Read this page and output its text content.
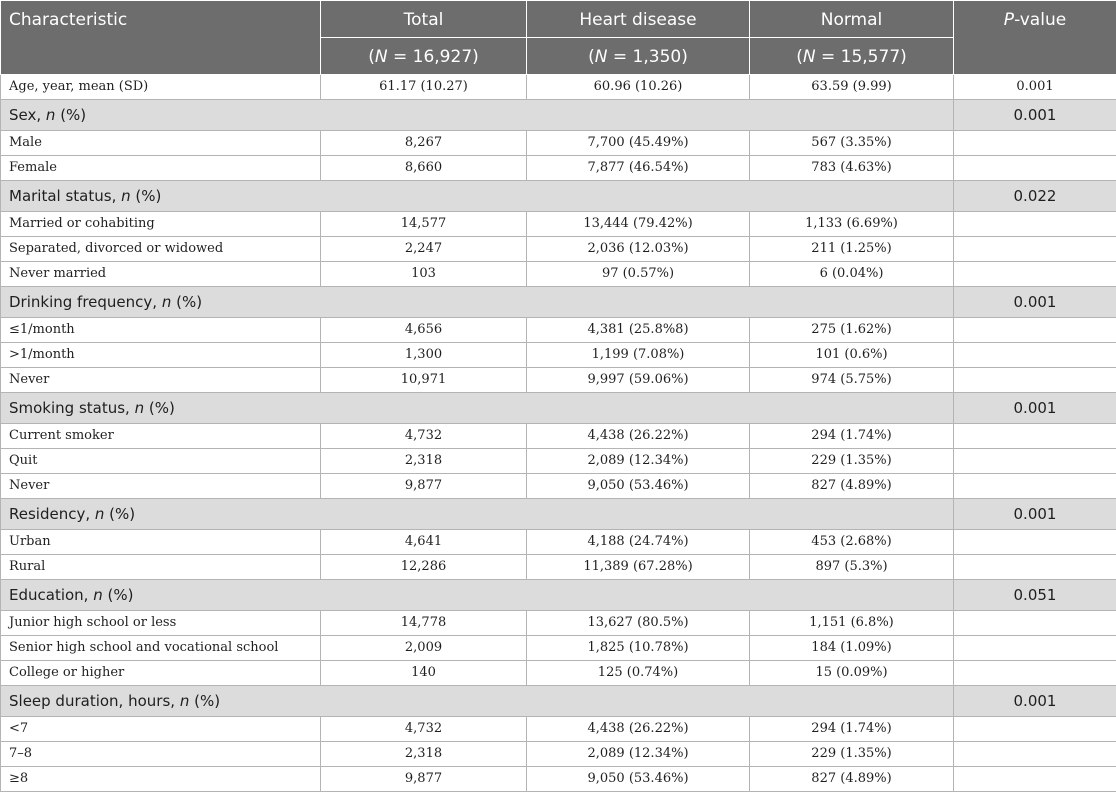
Characteristic	Total	Heart disease	Normal	P-value
	(N = 16,927)	(N = 1,350)	(N = 15,577)	
Age, year, mean (SD)	61.17 (10.27)	60.96 (10.26)	63.59 (9.99)	0.001
Sex, n (%)				0.001
Male	8,267	7,700 (45.49%)	567 (3.35%)	
Female	8,660	7,877 (46.54%)	783 (4.63%)	
Marital status, n (%)				0.022
Married or cohabiting	14,577	13,444 (79.42%)	1,133 (6.69%)	
Separated, divorced or widowed	2,247	2,036 (12.03%)	211 (1.25%)	
Never married	103	97 (0.57%)	6 (0.04%)	
Drinking frequency, n (%)				0.001
≤1/month	4,656	4,381 (25.8%8)	275 (1.62%)	
>1/month	1,300	1,199 (7.08%)	101 (0.6%)	
Never	10,971	9,997 (59.06%)	974 (5.75%)	
Smoking status, n (%)				0.001
Current smoker	4,732	4,438 (26.22%)	294 (1.74%)	
Quit	2,318	2,089 (12.34%)	229 (1.35%)	
Never	9,877	9,050 (53.46%)	827 (4.89%)	
Residency, n (%)				0.001
Urban	4,641	4,188 (24.74%)	453 (2.68%)	
Rural	12,286	11,389 (67.28%)	897 (5.3%)	
Education, n (%)				0.051
Junior high school or less	14,778	13,627 (80.5%)	1,151 (6.8%)	
Senior high school and vocational school	2,009	1,825 (10.78%)	184 (1.09%)	
College or higher	140	125 (0.74%)	15 (0.09%)	
Sleep duration, hours, n (%)				0.001
<7	4,732	4,438 (26.22%)	294 (1.74%)	
7–8	2,318	2,089 (12.34%)	229 (1.35%)	
≥8	9,877	9,050 (53.46%)	827 (4.89%)	
